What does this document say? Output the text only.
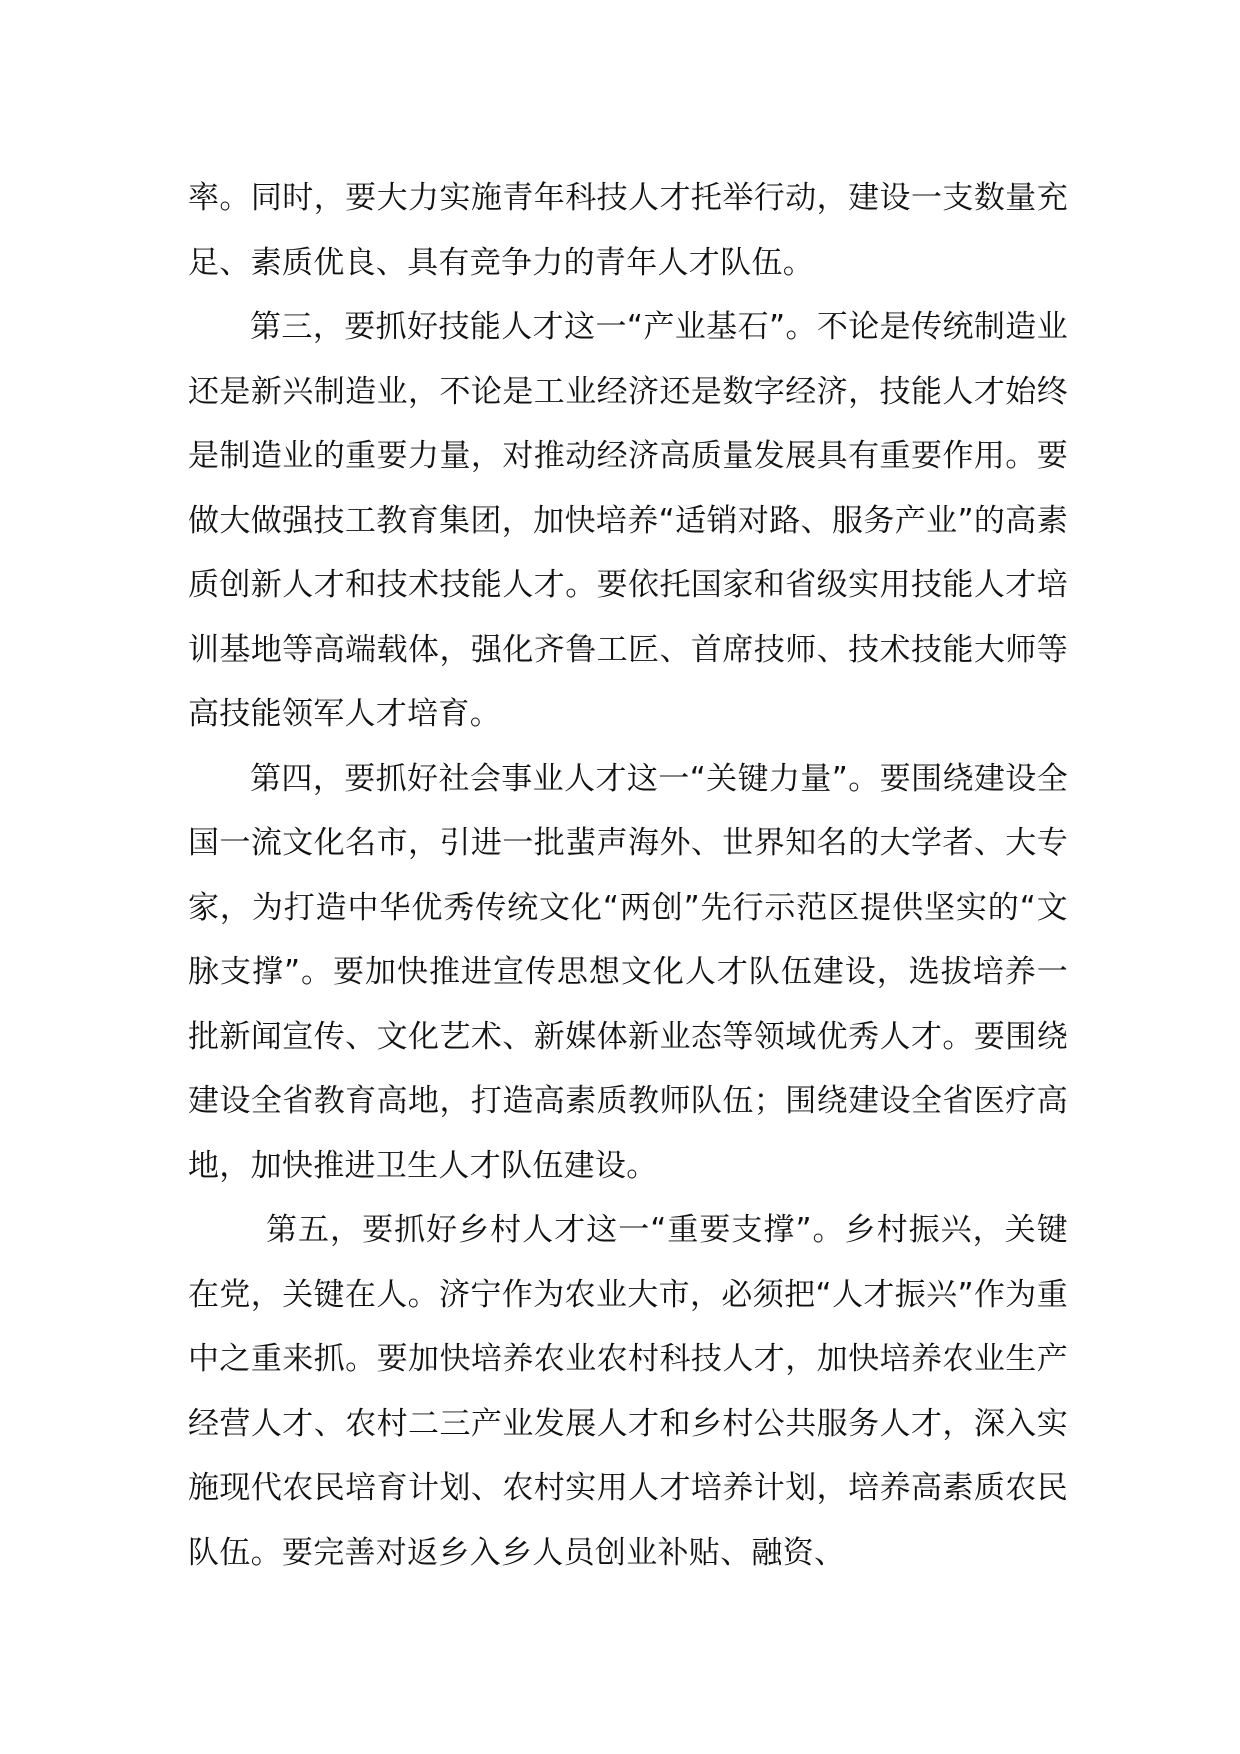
率。同时，要大力实施青年科技人才托举行动，建设一支数量充足、素质优良、具有竞争力的青年人才队伍。

第三，要抓好技能人才这一“产业基石”。不论是传统制造业还是新兴制造业，不论是工业经济还是数字经济，技能人才始终是制造业的重要力量，对推动经济高质量发展具有重要作用。要做大做强技工教育集团，加快培养“适销对路、服务产业”的高素质创新人才和技术技能人才。要依托国家和省级实用技能人才培训基地等高端载体，强化齐鲁工匠、首席技师、技术技能大师等高技能领军人才培育。

第四，要抓好社会事业人才这一“关键力量”。要围绕建设全国一流文化名市，引进一批蜚声海外、世界知名的大学者、大专家，为打造中华优秀传统文化“两创”先行示范区提供坚实的“文脉支撑”。要加快推进宣传思想文化人才队伍建设，选拔培养一批新闻宣传、文化艺术、新媒体新业态等领域优秀人才。要围绕建设全省教育高地，打造高素质教师队伍；围绕建设全省医疗高地，加快推进卫生人才队伍建设。

第五，要抓好乡村人才这一“重要支撑”。乡村振兴，关键在党，关键在人。济宁作为农业大市，必须把“人才振兴”作为重中之重来抓。要加快培养农业农村科技人才，加快培养农业生产经营人才、农村二三产业发展人才和乡村公共服务人才，深入实施现代农民培育计划、农村实用人才培养计划，培养高素质农民队伍。要完善对返乡入乡人员创业补贴、融资、
